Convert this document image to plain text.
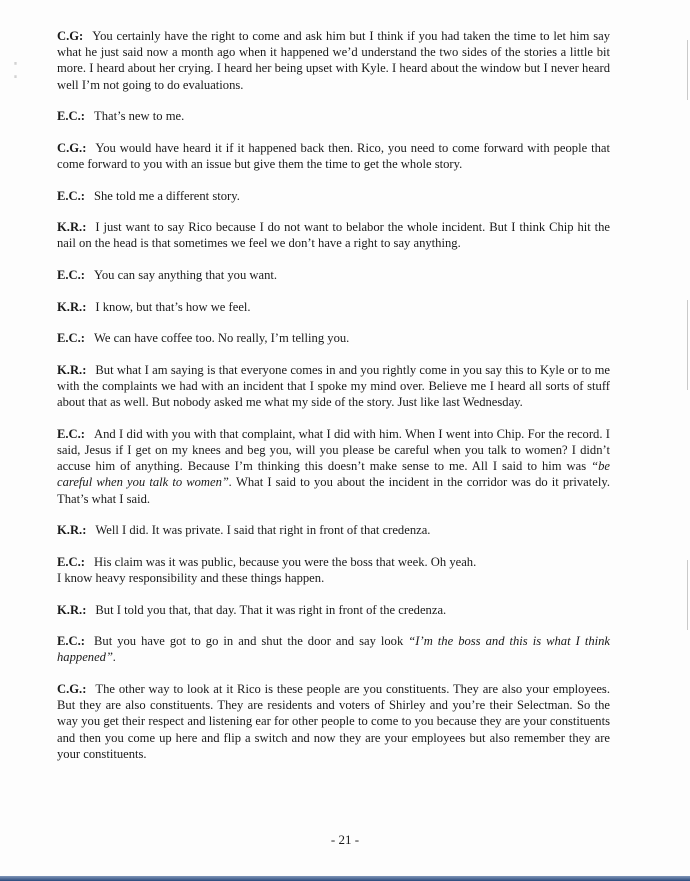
⁚

C.G: You certainly have the right to come and ask him but I think if you had taken the time to let him say what he just said now a month ago when it happened we’d understand the two sides of the stories a little bit more. I heard about her crying. I heard her being upset with Kyle. I heard about the window but I never heard well I’m not going to do evaluations.

E.C.: That’s new to me.

C.G.: You would have heard it if it happened back then. Rico, you need to come forward with people that come forward to you with an issue but give them the time to get the whole story.

E.C.: She told me a different story.

K.R.: I just want to say Rico because I do not want to belabor the whole incident. But I think Chip hit the nail on the head is that sometimes we feel we don’t have a right to say anything.

E.C.: You can say anything that you want.

K.R.: I know, but that’s how we feel.

E.C.: We can have coffee too. No really, I’m telling you.

K.R.: But what I am saying is that everyone comes in and you rightly come in you say this to Kyle or to me with the complaints we had with an incident that I spoke my mind over. Believe me I heard all sorts of stuff about that as well. But nobody asked me what my side of the story. Just like last Wednesday.

E.C.: And I did with you with that complaint, what I did with him. When I went into Chip. For the record. I said, Jesus if I get on my knees and beg you, will you please be careful when you talk to women? I didn’t accuse him of anything. Because I’m thinking this doesn’t make sense to me. All I said to him was “be careful when you talk to women”. What I said to you about the incident in the corridor was do it privately. That’s what I said.

K.R.: Well I did. It was private. I said that right in front of that credenza.

E.C.: His claim was it was public, because you were the boss that week. Oh yeah.
I know heavy responsibility and these things happen.

K.R.: But I told you that, that day. That it was right in front of the credenza.

E.C.: But you have got to go in and shut the door and say look “I’m the boss and this is what I think happened”.

C.G.: The other way to look at it Rico is these people are you constituents. They are also your employees. But they are also constituents. They are residents and voters of Shirley and you’re their Selectman. So the way you get their respect and listening ear for other people to come to you because they are your constituents and then you come up here and flip a switch and now they are your employees but also remember they are your constituents.

- 21 -
